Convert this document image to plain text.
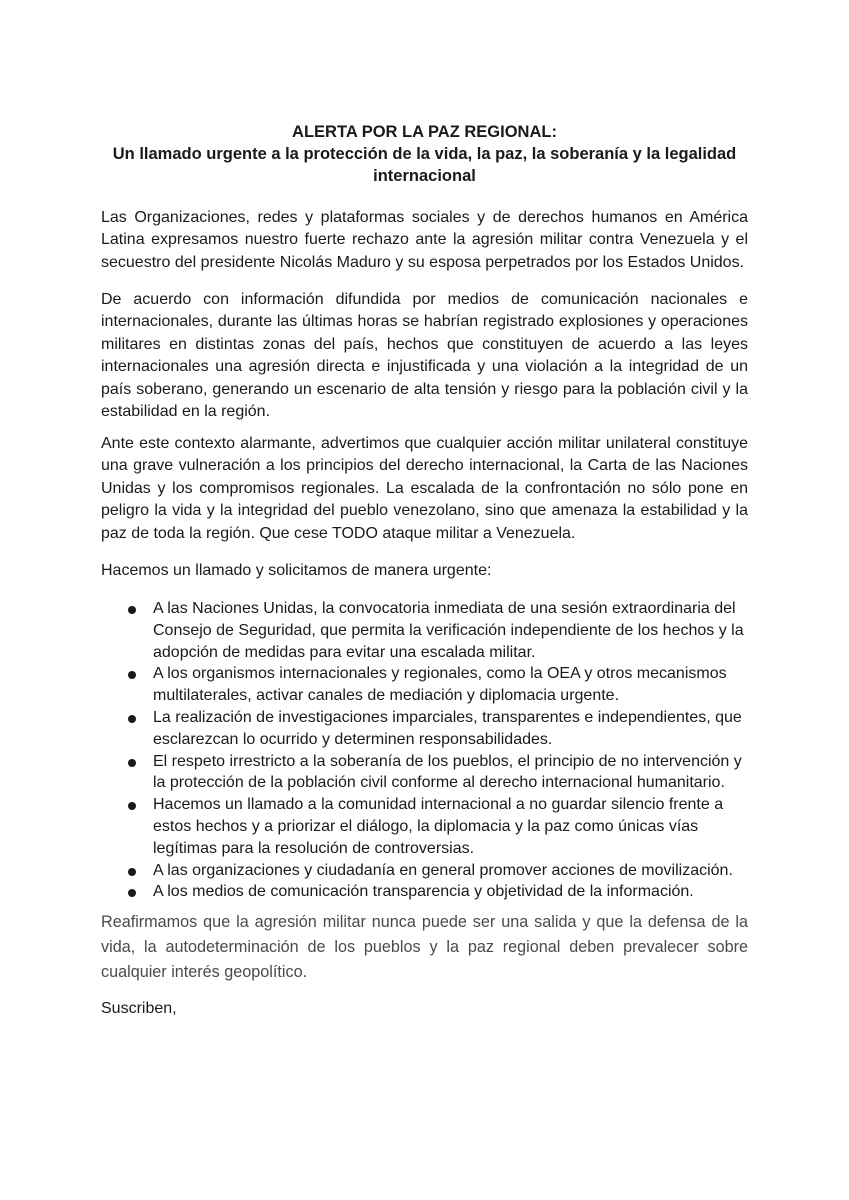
ALERTA POR LA PAZ REGIONAL:
Un llamado urgente a la protección de la vida, la paz, la soberanía y la legalidad
internacional
Las Organizaciones, redes y plataformas sociales y de derechos humanos en América Latina expresamos nuestro fuerte rechazo ante la agresión militar contra Venezuela y el secuestro del presidente Nicolás Maduro y su esposa perpetrados por los Estados Unidos.
De acuerdo con información difundida por medios de comunicación nacionales e internacionales, durante las últimas horas se habrían registrado explosiones y operaciones militares en distintas zonas del país, hechos que constituyen de acuerdo a las leyes internacionales una agresión directa e injustificada y una violación a la integridad de un país soberano, generando un escenario de alta tensión y riesgo para la población civil y la estabilidad en la región.
Ante este contexto alarmante, advertimos que cualquier acción militar unilateral constituye una grave vulneración a los principios del derecho internacional, la Carta de las Naciones Unidas y los compromisos regionales. La escalada de la confrontación no sólo pone en peligro la vida y la integridad del pueblo venezolano, sino que amenaza la estabilidad y la paz de toda la región. Que cese TODO ataque militar a Venezuela.
Hacemos un llamado y solicitamos de manera urgente:
A las Naciones Unidas, la convocatoria inmediata de una sesión extraordinaria del Consejo de Seguridad, que permita la verificación independiente de los hechos y la adopción de medidas para evitar una escalada militar.
A los organismos internacionales y regionales, como la OEA y otros mecanismos multilaterales, activar canales de mediación y diplomacia urgente.
La realización de investigaciones imparciales, transparentes e independientes, que esclarezcan lo ocurrido y determinen responsabilidades.
El respeto irrestricto a la soberanía de los pueblos, el principio de no intervención y la protección de la población civil conforme al derecho internacional humanitario.
Hacemos un llamado a la comunidad internacional a no guardar silencio frente a estos hechos y a priorizar el diálogo, la diplomacia y la paz como únicas vías legítimas para la resolución de controversias.
A las organizaciones y ciudadanía en general promover acciones de movilización.
A los medios de comunicación transparencia y objetividad de la información.
Reafirmamos que la agresión militar nunca puede ser una salida y que la defensa de la vida, la autodeterminación de los pueblos y la paz regional deben prevalecer sobre cualquier interés geopolítico.
Suscriben,
